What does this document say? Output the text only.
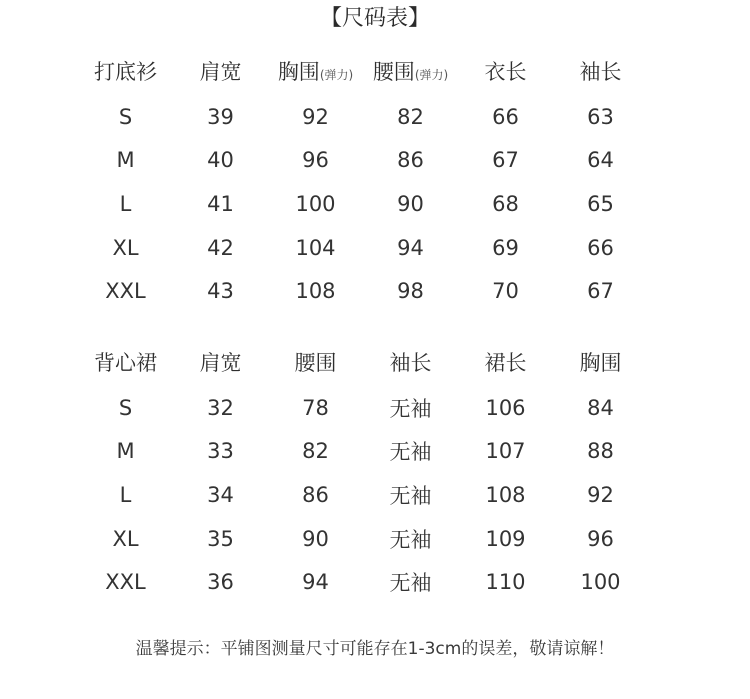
【尺码表】
打底衫	肩宽	胸围(弹力)	腰围(弹力)	衣长	袖长
S	39	92	82	66	63
M	40	96	86	67	64
L	41	100	90	68	65
XL	42	104	94	69	66
XXL	43	108	98	70	67
背心裙	肩宽	腰围	袖长	裙长	胸围
S	32	78	无袖	106	84
M	33	82	无袖	107	88
L	34	86	无袖	108	92
XL	35	90	无袖	109	96
XXL	36	94	无袖	110	100
温馨提示：平铺图测量尺寸可能存在1-3cm的误差，敬请谅解！
